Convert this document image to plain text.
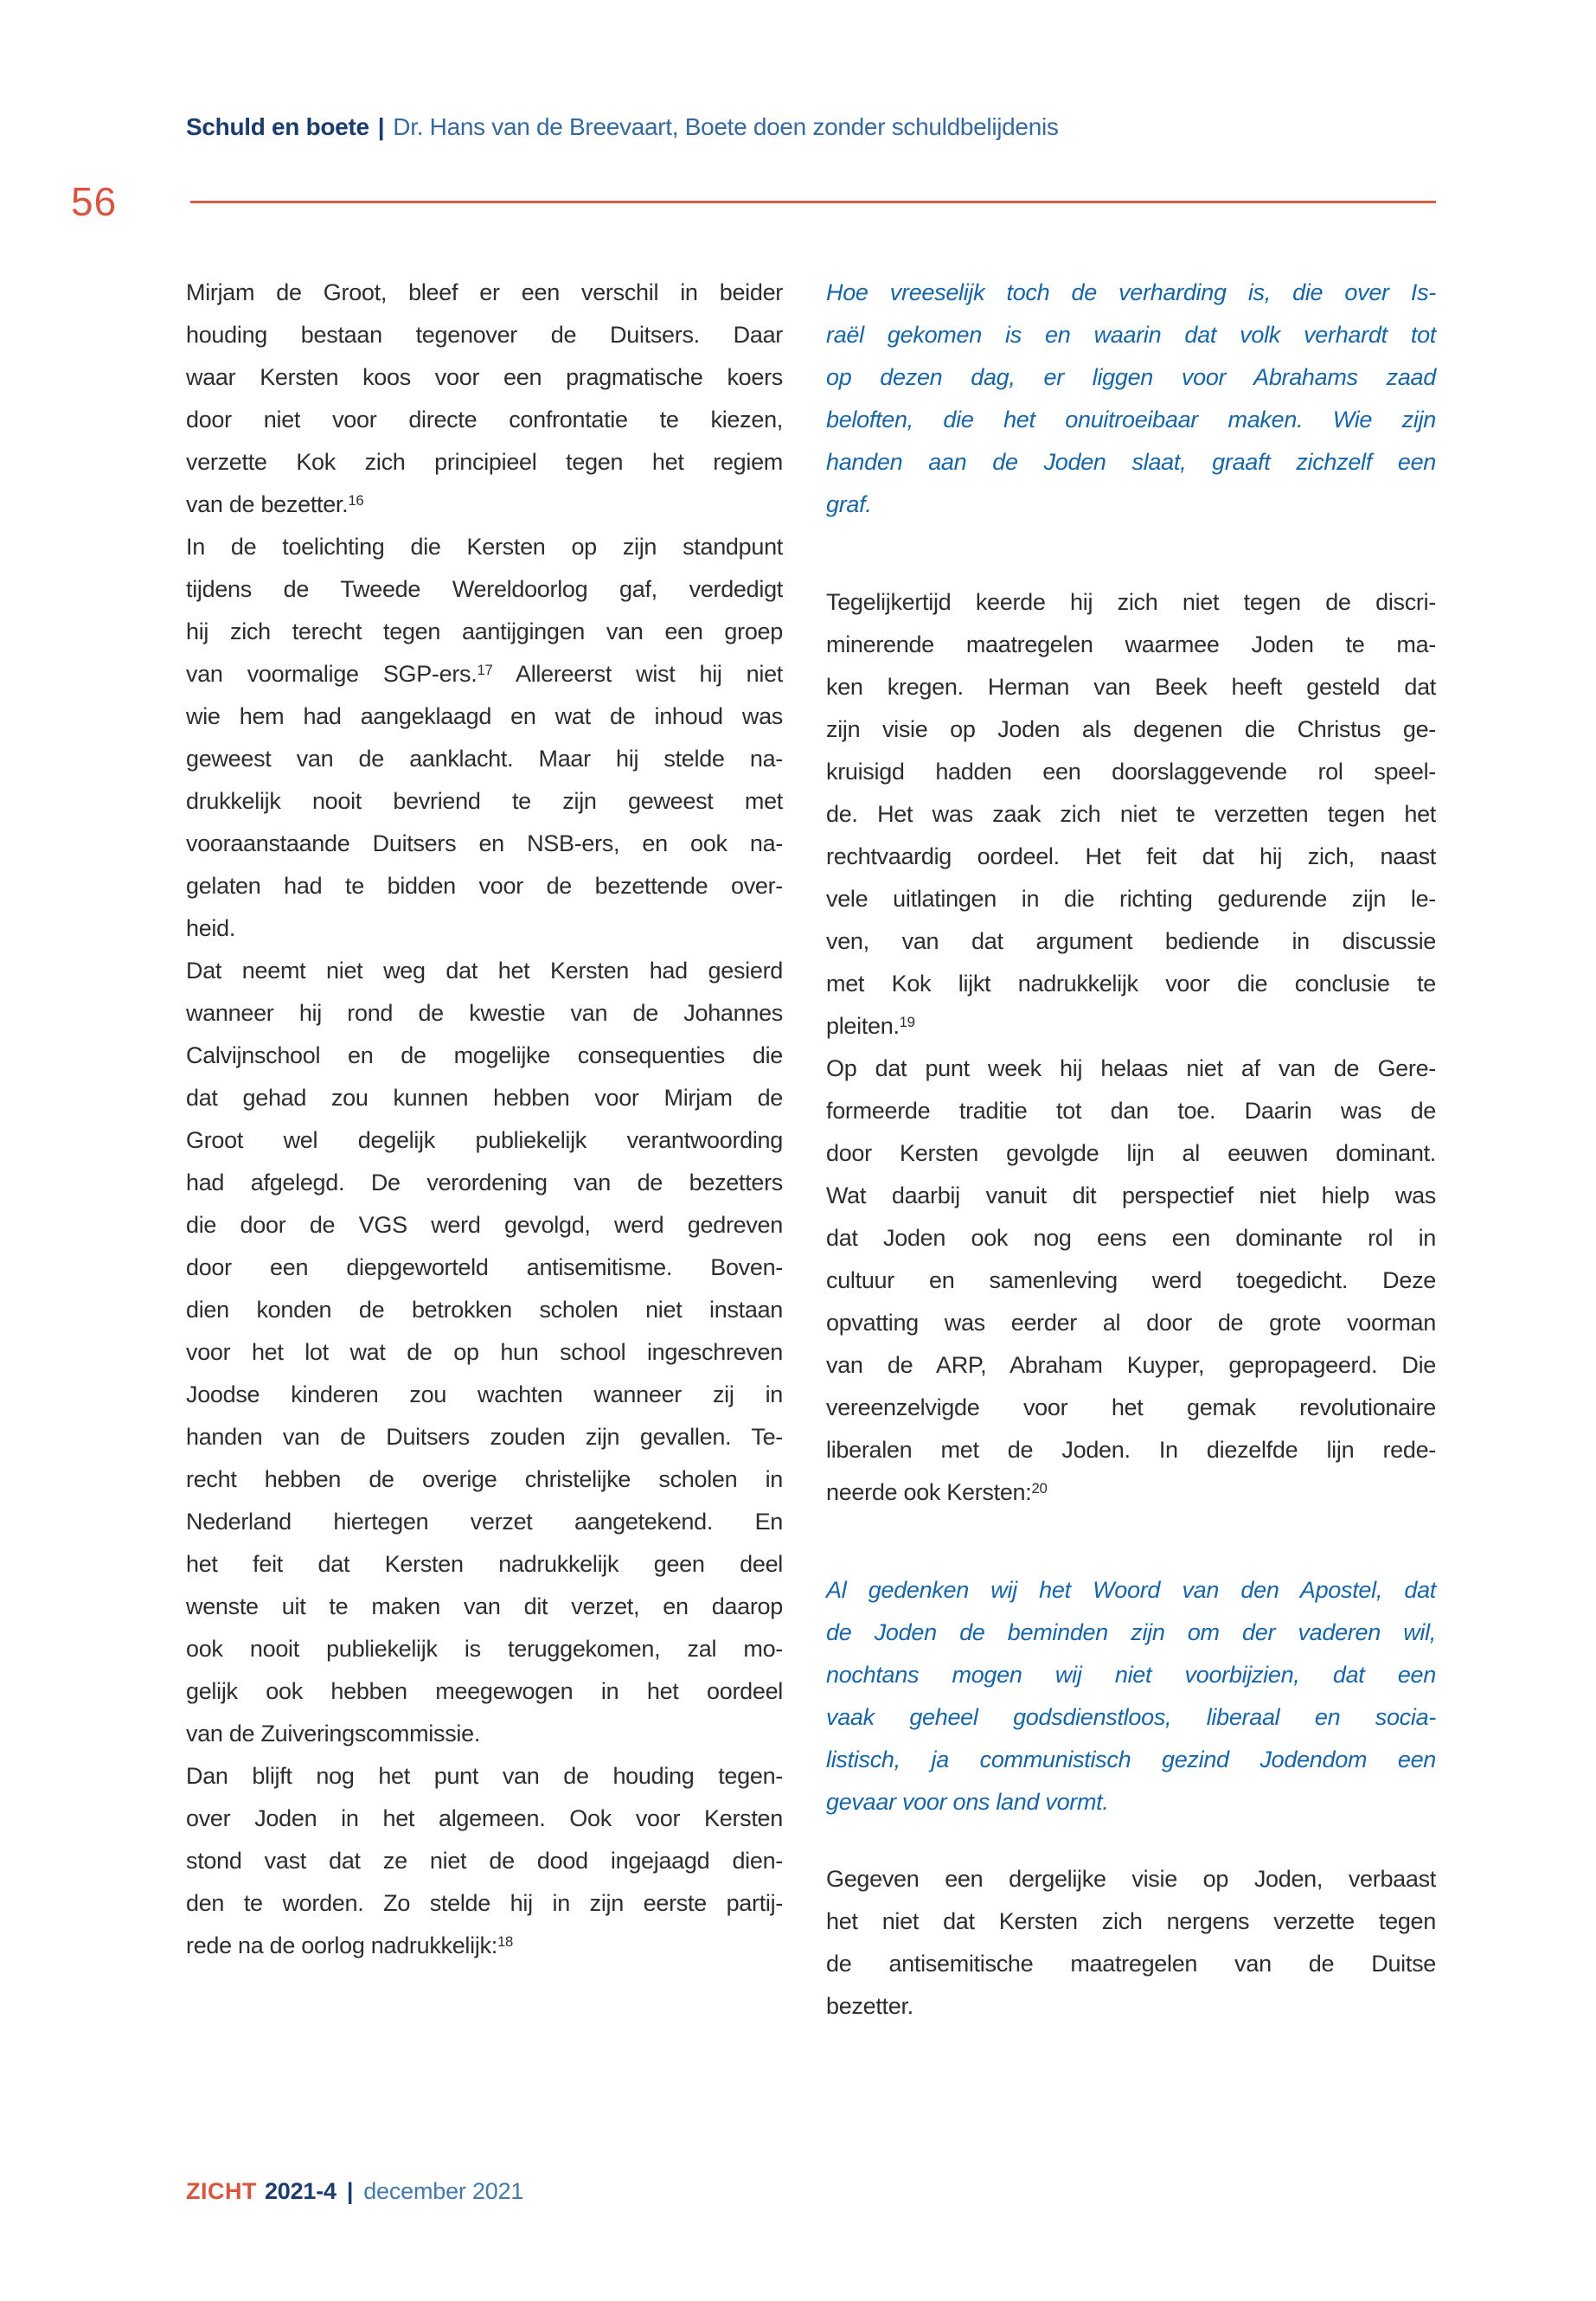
Schuld en boete | Dr. Hans van de Breevaart, Boete doen zonder schuldbelijdenis
56
Mirjam de Groot, bleef er een verschil in beider
houding bestaan tegenover de Duitsers. Daar
waar Kersten koos voor een pragmatische koers
door niet voor directe confrontatie te kiezen,
verzette Kok zich principieel tegen het regiem
van de bezetter.$^{16}$
In de toelichting die Kersten op zijn standpunt
tijdens de Tweede Wereldoorlog gaf, verdedigt
hij zich terecht tegen aantijgingen van een groep
van voormalige SGP-ers.$^{17}$ Allereerst wist hij niet
wie hem had aangeklaagd en wat de inhoud was
geweest van de aanklacht. Maar hij stelde na-
drukkelijk nooit bevriend te zijn geweest met
vooraanstaande Duitsers en NSB-ers, en ook na-
gelaten had te bidden voor de bezettende over-
heid.
Dat neemt niet weg dat het Kersten had gesierd
wanneer hij rond de kwestie van de Johannes
Calvijnschool en de mogelijke consequenties die
dat gehad zou kunnen hebben voor Mirjam de
Groot wel degelijk publiekelijk verantwoording
had afgelegd. De verordening van de bezetters
die door de VGS werd gevolgd, werd gedreven
door een diepgeworteld antisemitisme. Boven-
dien konden de betrokken scholen niet instaan
voor het lot wat de op hun school ingeschreven
Joodse kinderen zou wachten wanneer zij in
handen van de Duitsers zouden zijn gevallen. Te-
recht hebben de overige christelijke scholen in
Nederland hiertegen verzet aangetekend. En
het feit dat Kersten nadrukkelijk geen deel
wenste uit te maken van dit verzet, en daarop
ook nooit publiekelijk is teruggekomen, zal mo-
gelijk ook hebben meegewogen in het oordeel
van de Zuiveringscommissie.
Dan blijft nog het punt van de houding tegen-
over Joden in het algemeen. Ook voor Kersten
stond vast dat ze niet de dood ingejaagd dien-
den te worden. Zo stelde hij in zijn eerste partij-
rede na de oorlog nadrukkelijk:$^{18}$
Hoe vreeselijk toch de verharding is, die over Is-
raël gekomen is en waarin dat volk verhardt tot
op dezen dag, er liggen voor Abrahams zaad
beloften, die het onuitroeibaar maken. Wie zijn
handen aan de Joden slaat, graaft zichzelf een
graf.
Tegelijkertijd keerde hij zich niet tegen de discri-
minerende maatregelen waarmee Joden te ma-
ken kregen. Herman van Beek heeft gesteld dat
zijn visie op Joden als degenen die Christus ge-
kruisigd hadden een doorslaggevende rol speel-
de. Het was zaak zich niet te verzetten tegen het
rechtvaardig oordeel. Het feit dat hij zich, naast
vele uitlatingen in die richting gedurende zijn le-
ven, van dat argument bediende in discussie
met Kok lijkt nadrukkelijk voor die conclusie te
pleiten.$^{19}$
Op dat punt week hij helaas niet af van de Gere-
formeerde traditie tot dan toe. Daarin was de
door Kersten gevolgde lijn al eeuwen dominant.
Wat daarbij vanuit dit perspectief niet hielp was
dat Joden ook nog eens een dominante rol in
cultuur en samenleving werd toegedicht. Deze
opvatting was eerder al door de grote voorman
van de ARP, Abraham Kuyper, gepropageerd. Die
vereenzelvigde voor het gemak revolutionaire
liberalen met de Joden. In diezelfde lijn rede-
neerde ook Kersten:$^{20}$
Al gedenken wij het Woord van den Apostel, dat
de Joden de beminden zijn om der vaderen wil,
nochtans mogen wij niet voorbijzien, dat een
vaak geheel godsdienstloos, liberaal en socia-
listisch, ja communistisch gezind Jodendom een
gevaar voor ons land vormt.
Gegeven een dergelijke visie op Joden, verbaast
het niet dat Kersten zich nergens verzette tegen
de antisemitische maatregelen van de Duitse
bezetter.
ZICHT 2021-4 | december 2021
